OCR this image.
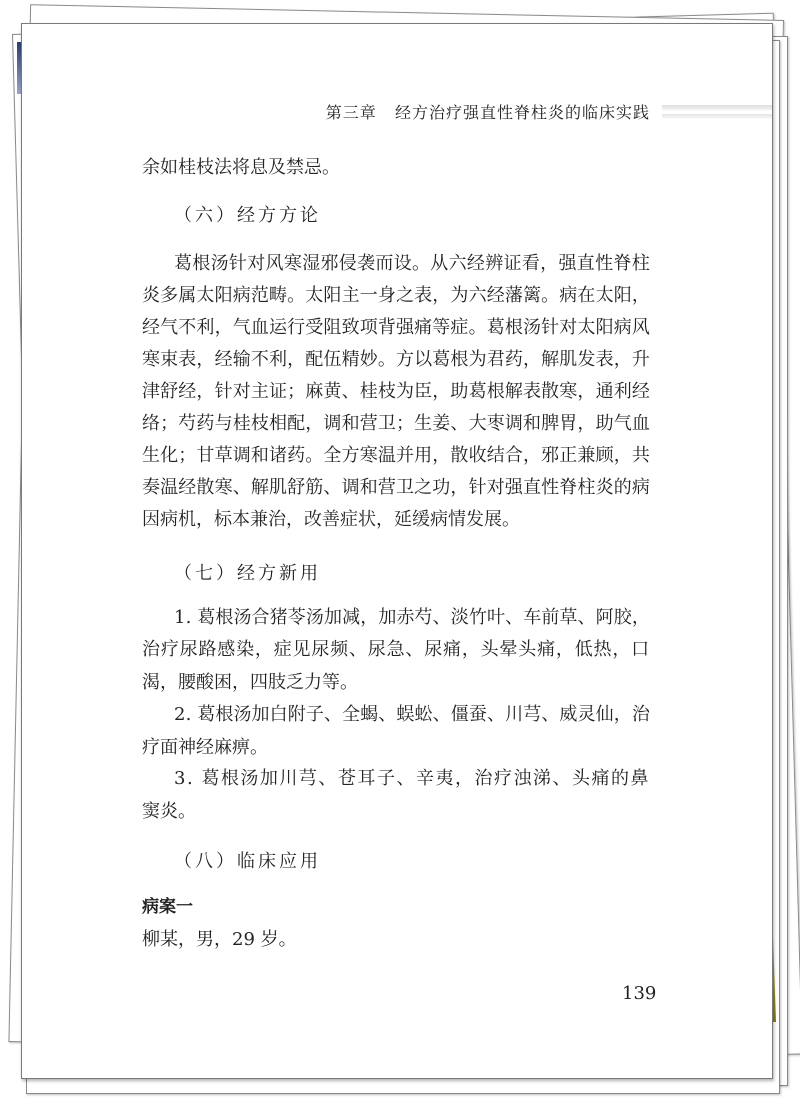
第三章 经方治疗强直性脊柱炎的临床实践
余如桂枝法将息及禁忌。
（六）经方方论
葛根汤针对风寒湿邪侵袭而设。从六经辨证看，强直性脊柱
炎多属太阳病范畴。太阳主一身之表，为六经藩篱。病在太阳，
经气不利，气血运行受阻致项背强痛等症。葛根汤针对太阳病风
寒束表，经输不利，配伍精妙。方以葛根为君药，解肌发表，升
津舒经，针对主证；麻黄、桂枝为臣，助葛根解表散寒，通利经
络；芍药与桂枝相配，调和营卫；生姜、大枣调和脾胃，助气血
生化；甘草调和诸药。全方寒温并用，散收结合，邪正兼顾，共
奏温经散寒、解肌舒筋、调和营卫之功，针对强直性脊柱炎的病
因病机，标本兼治，改善症状，延缓病情发展。
（七）经方新用
1. 葛根汤合猪苓汤加减，加赤芍、淡竹叶、车前草、阿胶，
治疗尿路感染，症见尿频、尿急、尿痛，头晕头痛，低热，口
渴，腰酸困，四肢乏力等。
2. 葛根汤加白附子、全蝎、蜈蚣、僵蚕、川芎、威灵仙，治
疗面神经麻痹。
3. 葛根汤加川芎、苍耳子、辛夷，治疗浊涕、头痛的鼻
窦炎。
（八）临床应用
病案一
柳某，男，29 岁。
139
